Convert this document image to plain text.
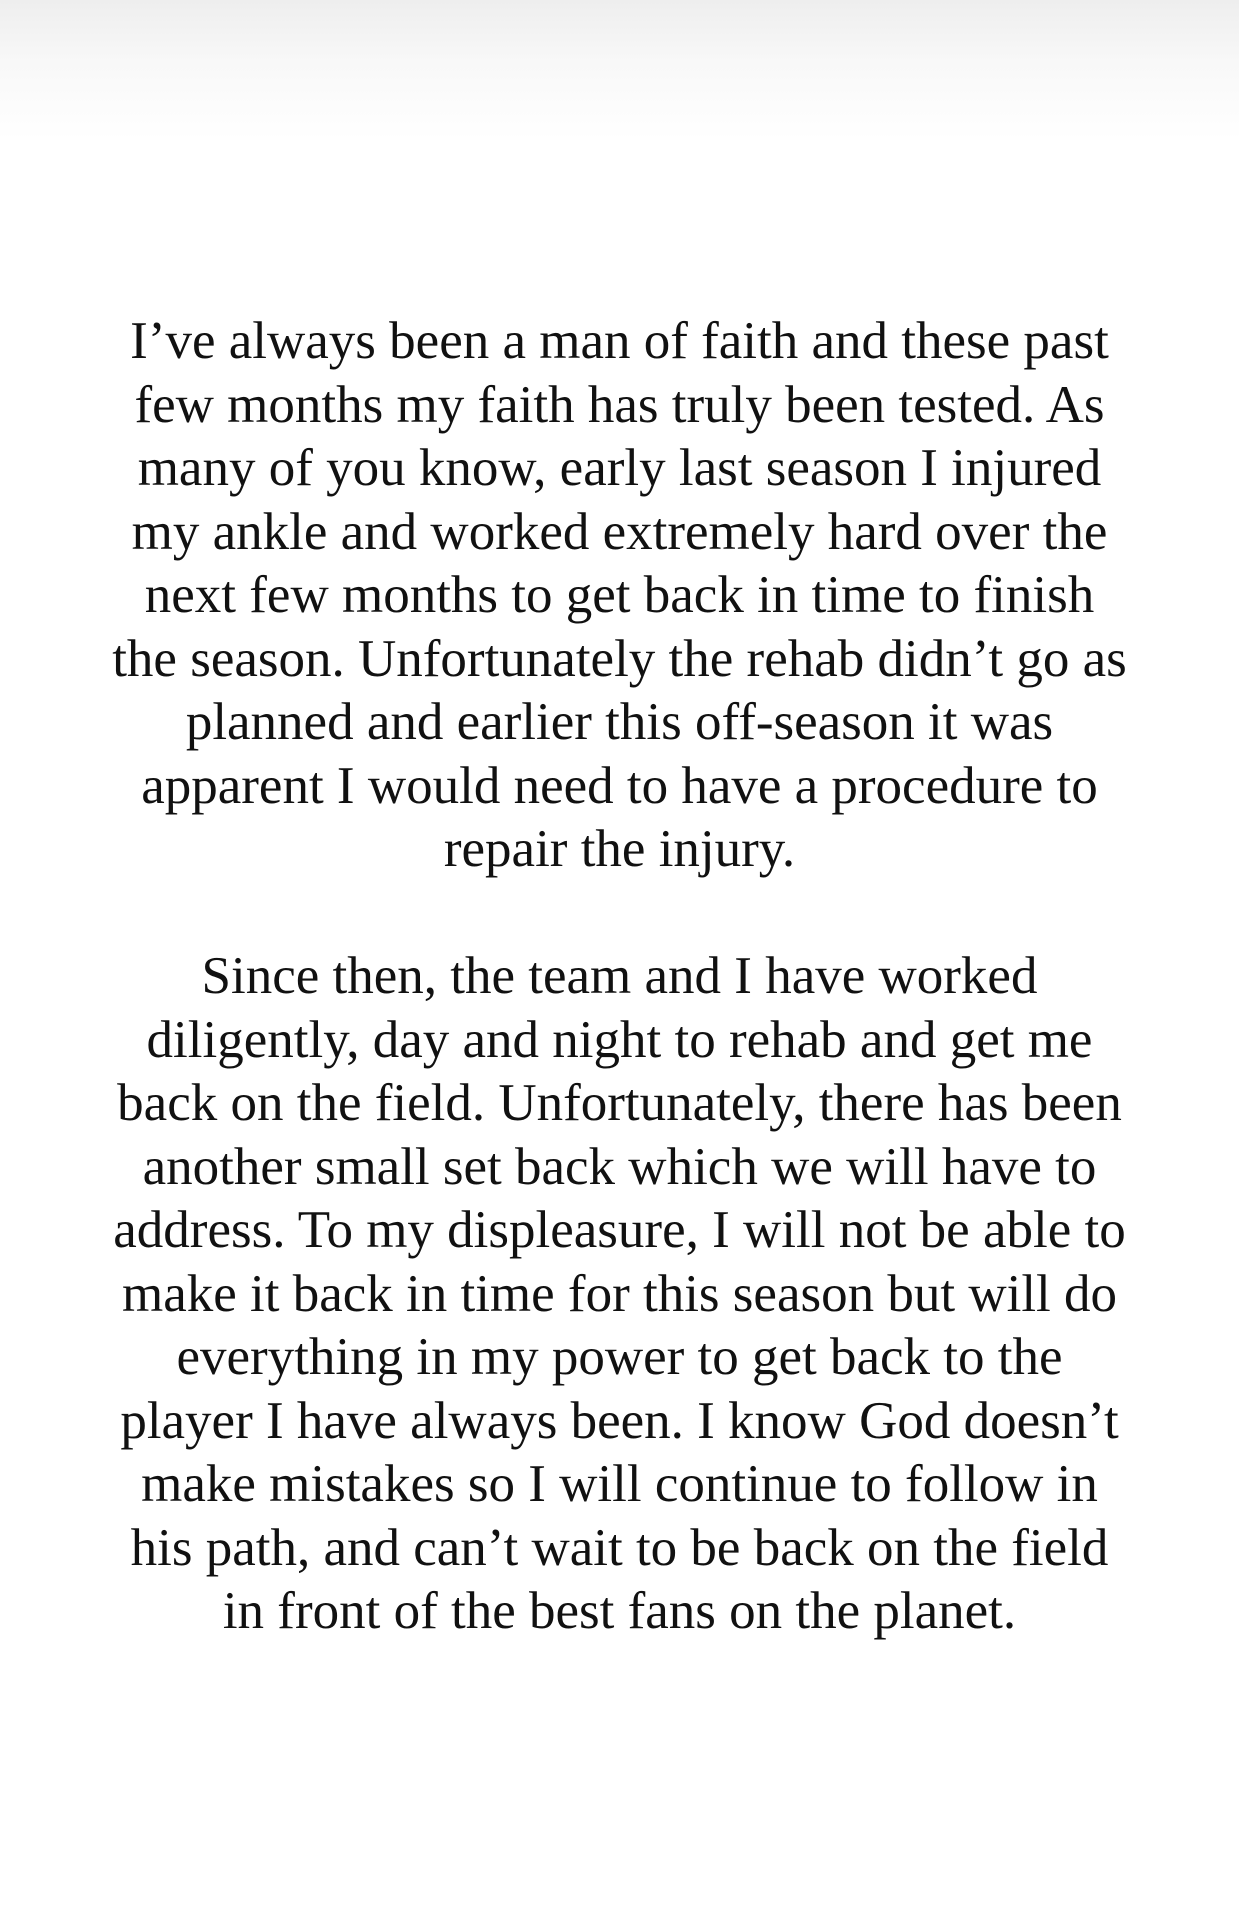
I’ve always been a man of faith and these past
few months my faith has truly been tested. As
many of you know, early last season I injured
my ankle and worked extremely hard over the
next few months to get back in time to finish
the season. Unfortunately the rehab didn’t go as
planned and earlier this off-season it was
apparent I would need to have a procedure to
repair the injury.

Since then, the team and I have worked
diligently, day and night to rehab and get me
back on the field. Unfortunately, there has been
another small set back which we will have to
address. To my displeasure, I will not be able to
make it back in time for this season but will do
everything in my power to get back to the
player I have always been. I know God doesn’t
make mistakes so I will continue to follow in
his path, and can’t wait to be back on the field
in front of the best fans on the planet.
